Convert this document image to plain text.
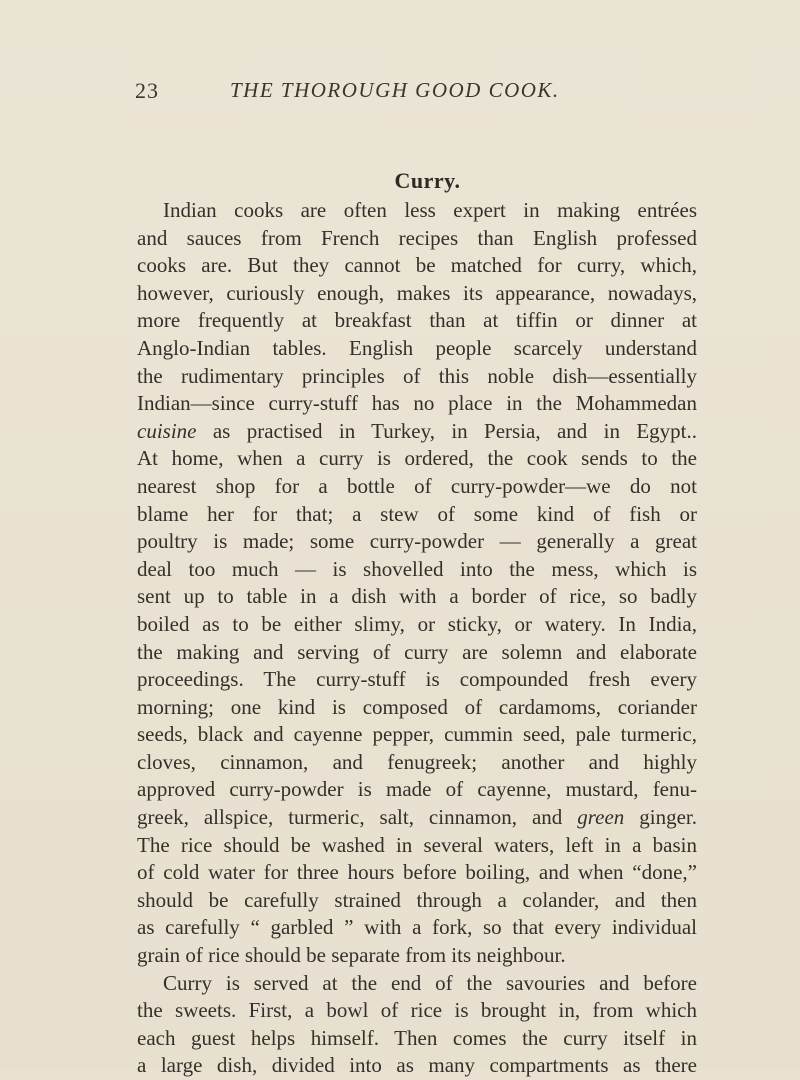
23	THE THOROUGH GOOD COOK.
Curry.
Indian cooks are often less expert in making entrées
and sauces from French recipes than English professed
cooks are. But they cannot be matched for curry, which,
however, curiously enough, makes its appearance, nowadays,
more frequently at breakfast than at tiffin or dinner at
Anglo-Indian tables. English people scarcely understand
the rudimentary principles of this noble dish—essentially
Indian—since curry-stuff has no place in the Mohammedan
cuisine as practised in Turkey, in Persia, and in Egypt..
At home, when a curry is ordered, the cook sends to the
nearest shop for a bottle of curry-powder—we do not
blame her for that; a stew of some kind of fish or
poultry is made; some curry-powder — generally a great
deal too much — is shovelled into the mess, which is
sent up to table in a dish with a border of rice, so badly
boiled as to be either slimy, or sticky, or watery. In India,
the making and serving of curry are solemn and elaborate
proceedings. The curry-stuff is compounded fresh every
morning; one kind is composed of cardamoms, coriander
seeds, black and cayenne pepper, cummin seed, pale turmeric,
cloves, cinnamon, and fenugreek; another and highly
approved curry-powder is made of cayenne, mustard, fenu-
greek, allspice, turmeric, salt, cinnamon, and green ginger.
The rice should be washed in several waters, left in a basin
of cold water for three hours before boiling, and when “done,”
should be carefully strained through a colander, and then
as carefully “ garbled ” with a fork, so that every individual
grain of rice should be separate from its neighbour.
Curry is served at the end of the savouries and before
the sweets. First, a bowl of rice is brought in, from which
each guest helps himself. Then comes the curry itself in
a large dish, divided into as many compartments as there
